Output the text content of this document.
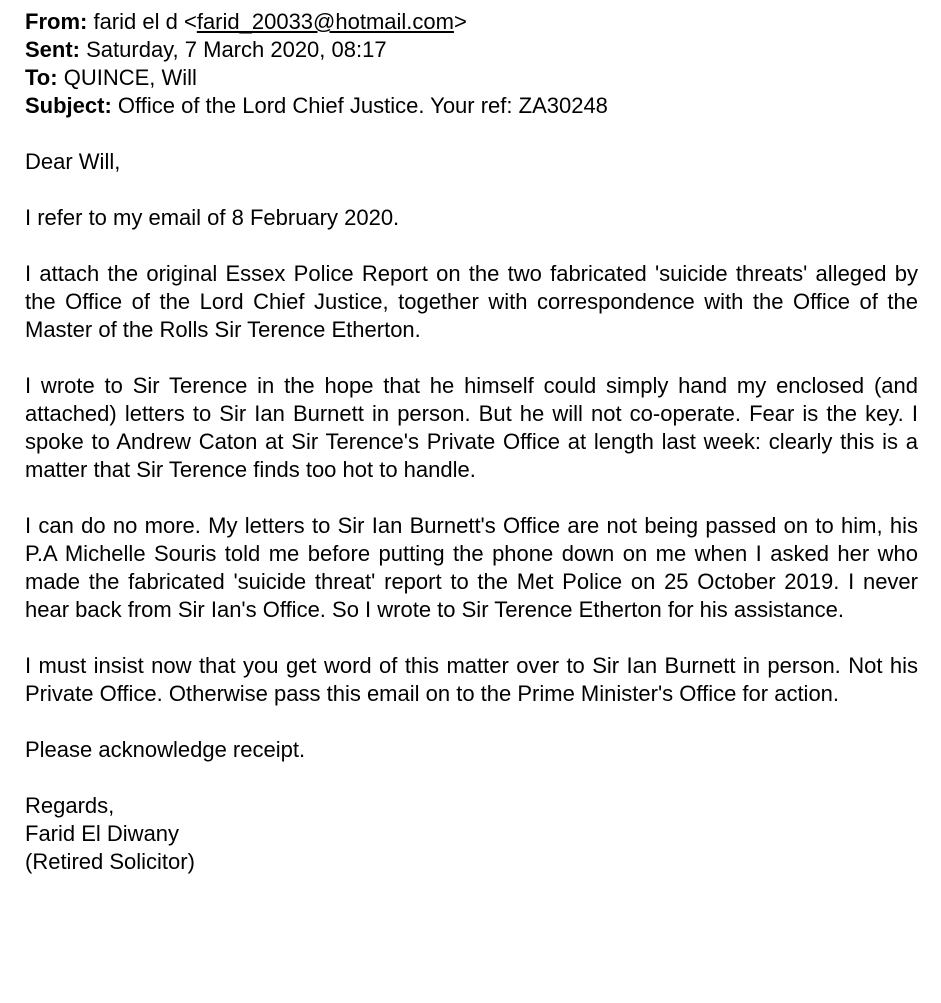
From: farid el d <farid_20033@hotmail.com>

Sent: Saturday, 7 March 2020, 08:17

To: QUINCE, Will

Subject: Office of the Lord Chief Justice. Your ref: ZA30248

Dear Will,

I refer to my email of 8 February 2020.

I attach the original Essex Police Report on the two fabricated 'suicide threats' alleged by the Office of the Lord Chief Justice, together with correspondence with the Office of the Master of the Rolls Sir Terence Etherton.

I wrote to Sir Terence in the hope that he himself could simply hand my enclosed (and attached) letters to Sir Ian Burnett in person. But he will not co-operate. Fear is the key. I spoke to Andrew Caton at Sir Terence's Private Office at length last week: clearly this is a matter that Sir Terence finds too hot to handle.

I can do no more. My letters to Sir Ian Burnett's Office are not being passed on to him, his P.A Michelle Souris told me before putting the phone down on me when I asked her who made the fabricated 'suicide threat' report to the Met Police on 25 October 2019. I never hear back from Sir Ian's Office. So I wrote to Sir Terence Etherton for his assistance.

I must insist now that you get word of this matter over to Sir Ian Burnett in person. Not his Private Office. Otherwise pass this email on to the Prime Minister's Office for action.

Please acknowledge receipt.

Regards,

Farid El Diwany

(Retired Solicitor)
